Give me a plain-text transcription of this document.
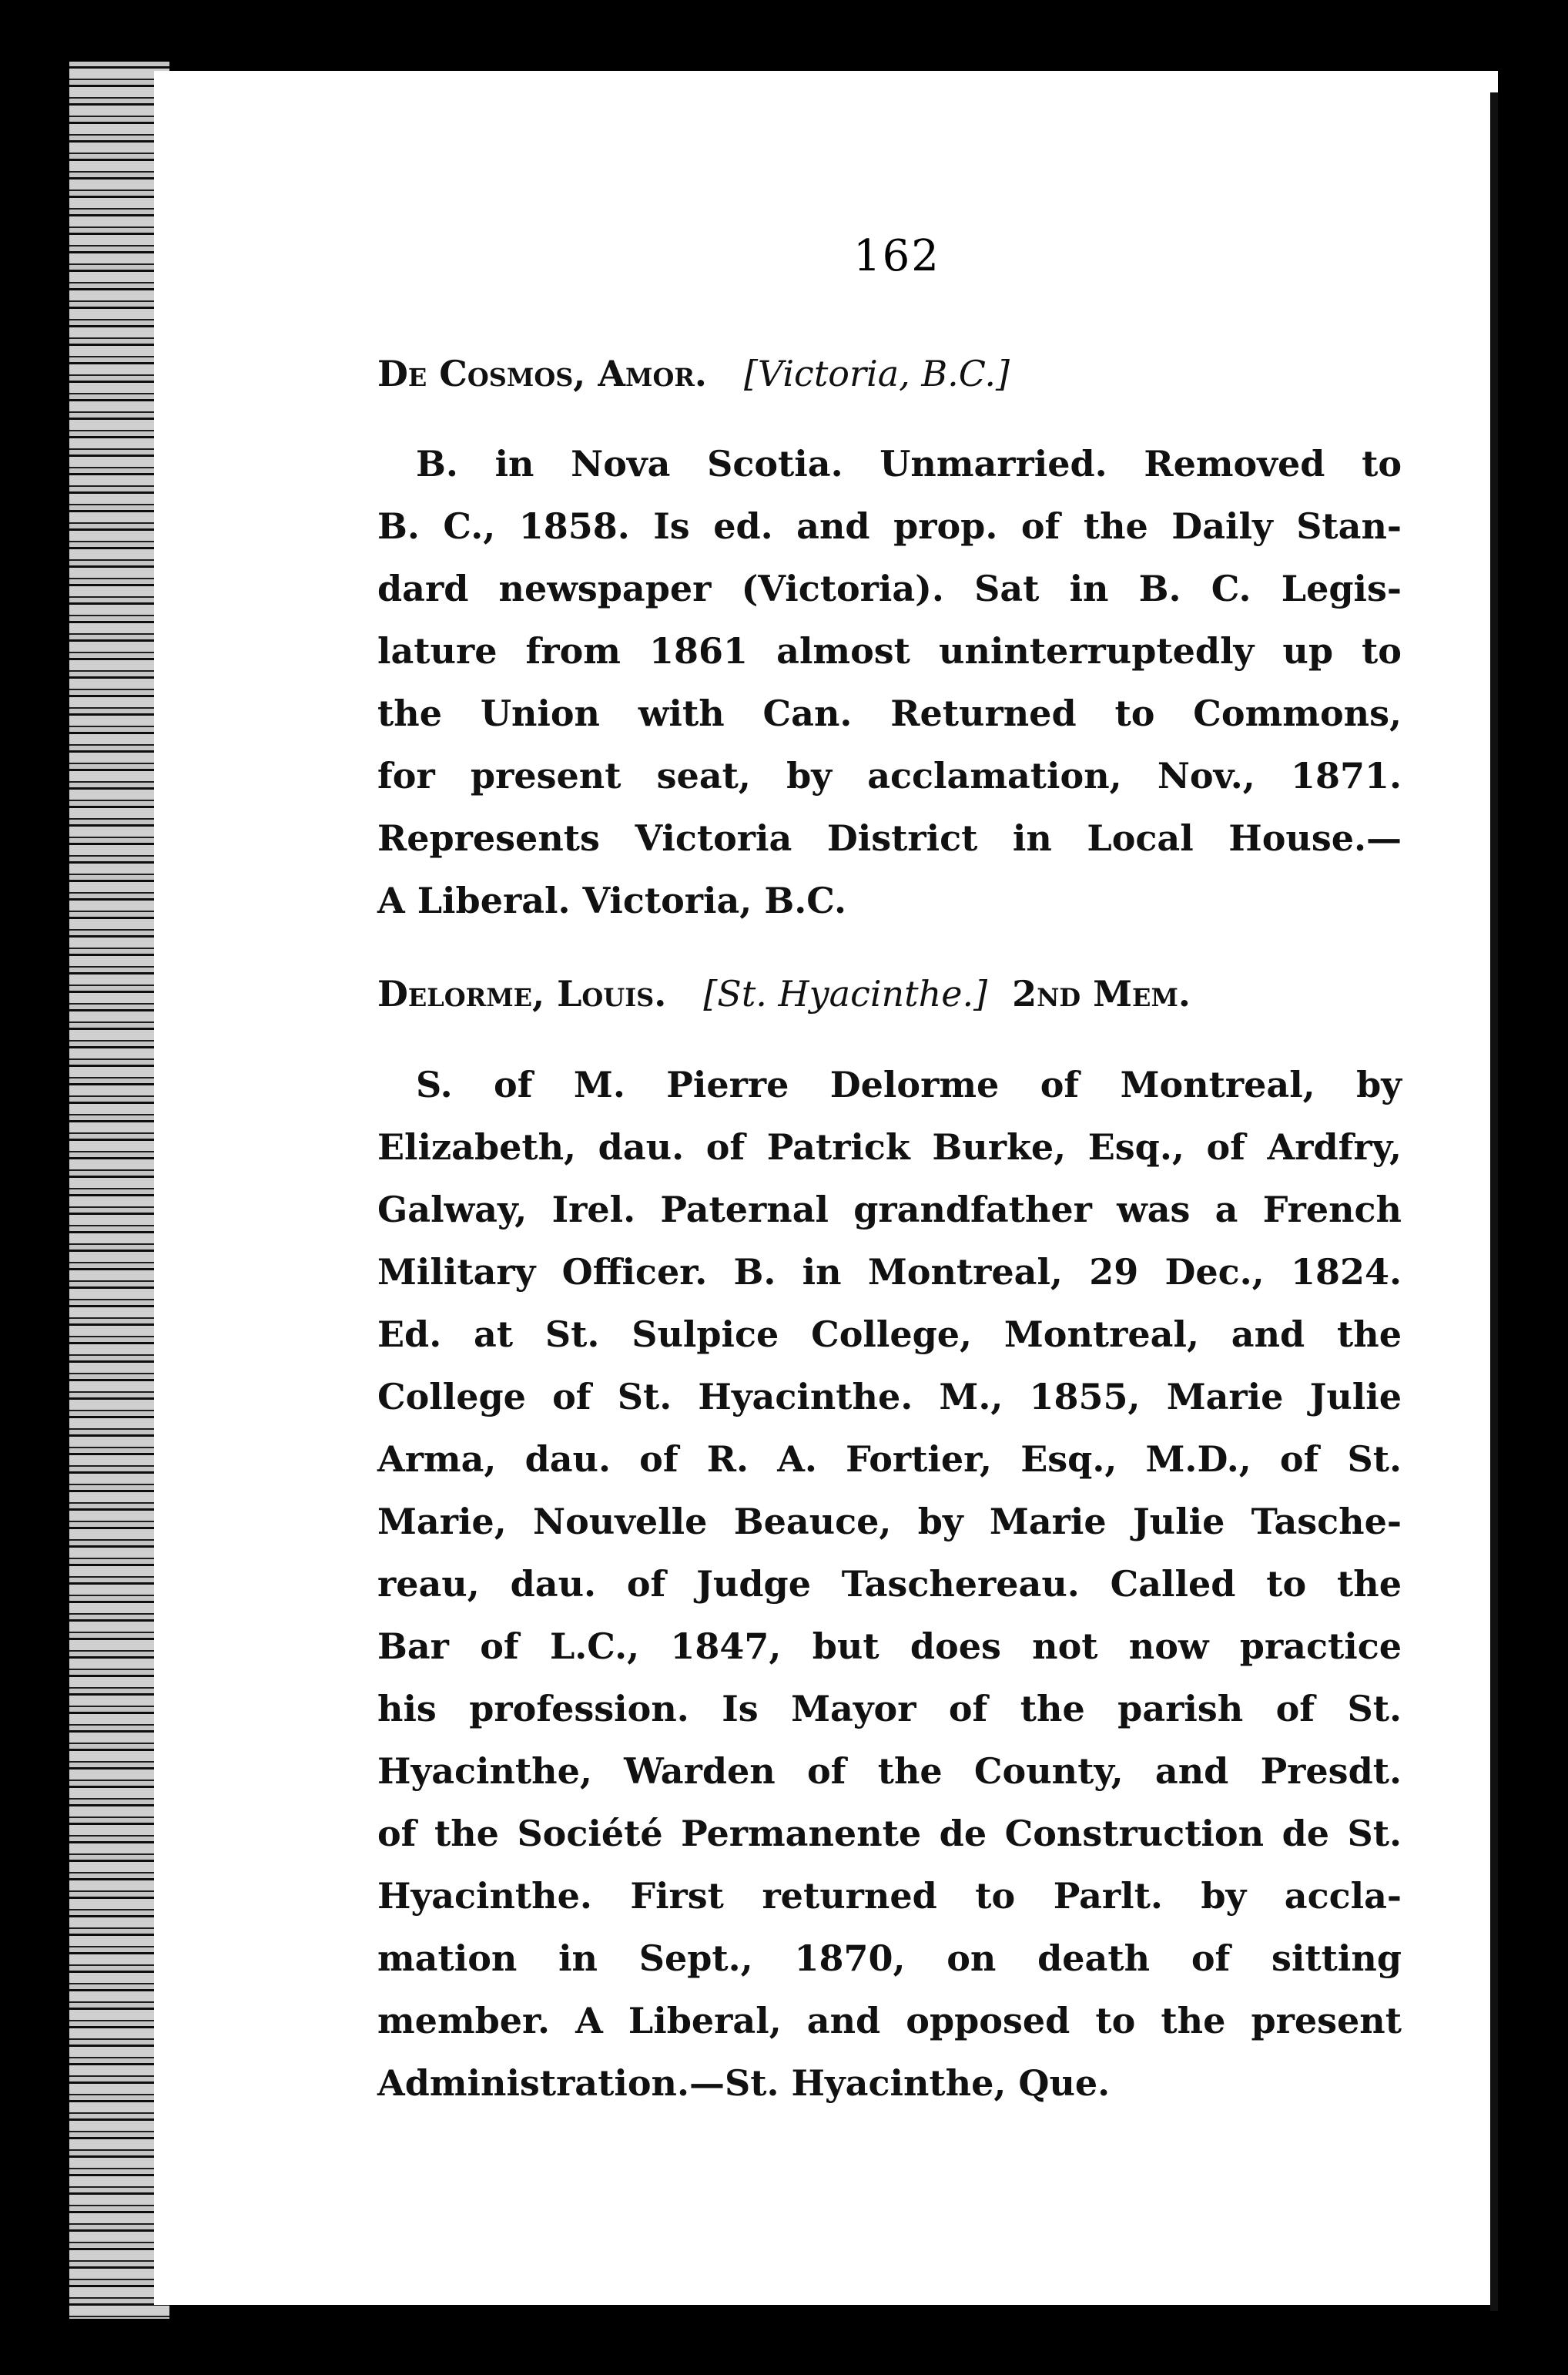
162
De Cosmos, Amor. [Victoria, B.C.]
B. in Nova Scotia. Unmarried. Removed to
B. C., 1858. Is ed. and prop. of the Daily Stan-
dard newspaper (Victoria). Sat in B. C. Legis-
lature from 1861 almost uninterruptedly up to
the Union with Can. Returned to Commons,
for present seat, by acclamation, Nov., 1871.
Represents Victoria District in Local House.—
A Liberal. Victoria, B.C.
Delorme, Louis. [St. Hyacinthe.] 2nd Mem.
S. of M. Pierre Delorme of Montreal, by
Elizabeth, dau. of Patrick Burke, Esq., of Ardfry,
Galway, Irel. Paternal grandfather was a French
Military Officer. B. in Montreal, 29 Dec., 1824.
Ed. at St. Sulpice College, Montreal, and the
College of St. Hyacinthe. M., 1855, Marie Julie
Arma, dau. of R. A. Fortier, Esq., M.D., of St.
Marie, Nouvelle Beauce, by Marie Julie Tasche-
reau, dau. of Judge Taschereau. Called to the
Bar of L.C., 1847, but does not now practice
his profession. Is Mayor of the parish of St.
Hyacinthe, Warden of the County, and Presdt.
of the Société Permanente de Construction de St.
Hyacinthe. First returned to Parlt. by accla-
mation in Sept., 1870, on death of sitting
member. A Liberal, and opposed to the present
Administration.—St. Hyacinthe, Que.
